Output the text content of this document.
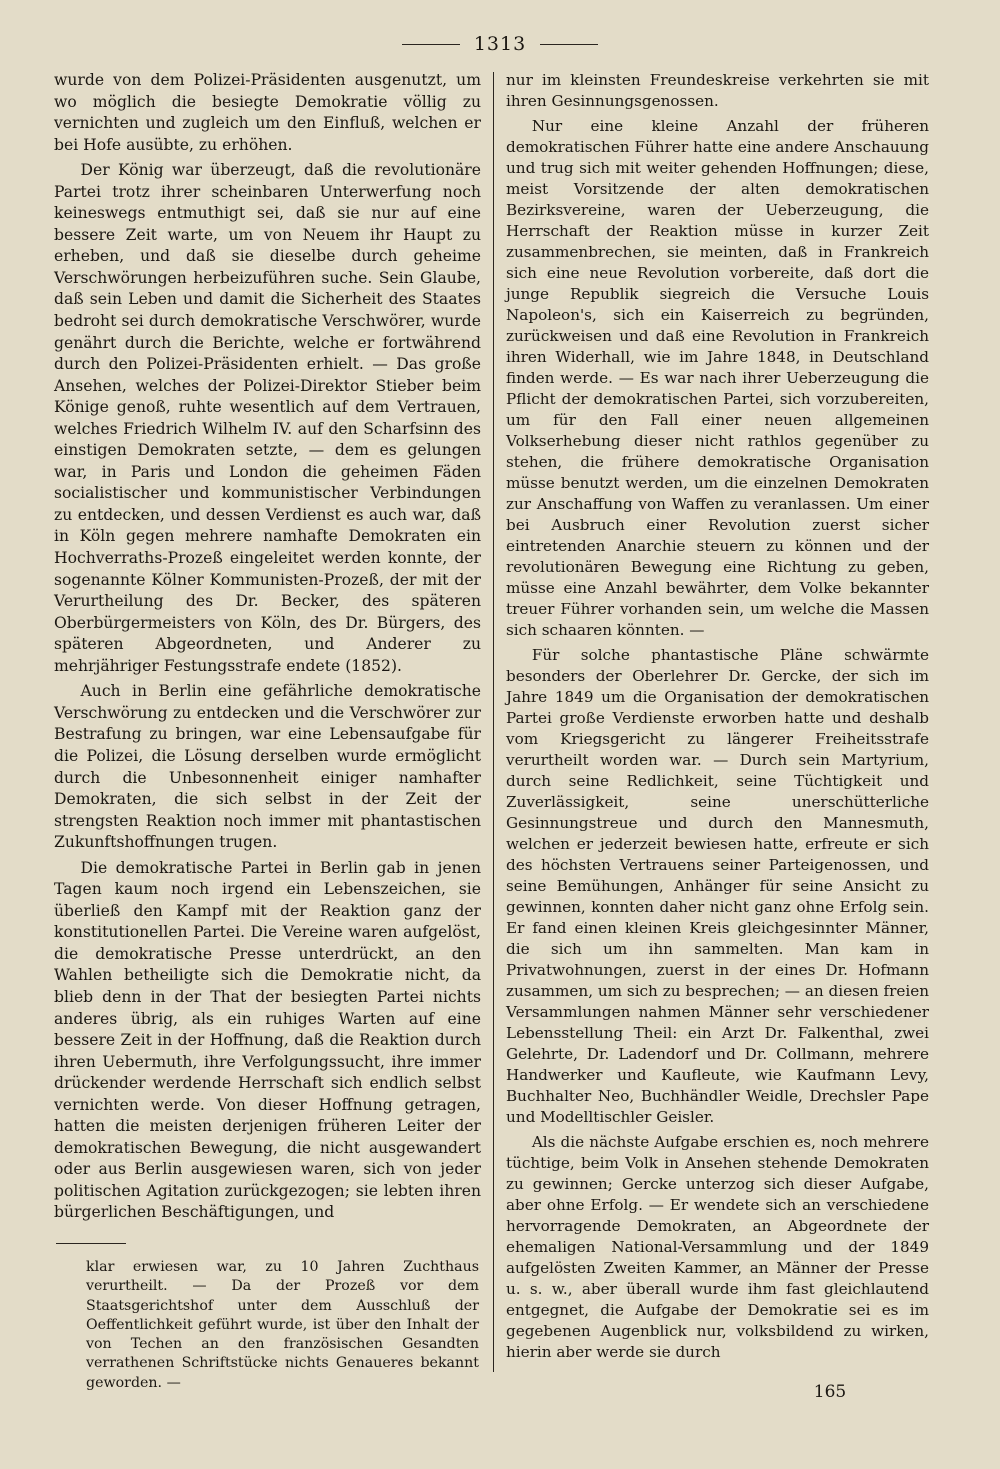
1313

wurde von dem Polizei-Präsidenten ausgenutzt, um wo möglich die besiegte Demokratie völlig zu vernichten und zugleich um den Einfluß, welchen er bei Hofe ausübte, zu erhöhen.

Der König war überzeugt, daß die revolutionäre Partei trotz ihrer scheinbaren Unterwerfung noch keineswegs entmuthigt sei, daß sie nur auf eine bessere Zeit warte, um von Neuem ihr Haupt zu erheben, und daß sie dieselbe durch geheime Verschwörungen herbeizuführen suche. Sein Glaube, daß sein Leben und damit die Sicherheit des Staates bedroht sei durch demokratische Verschwörer, wurde genährt durch die Berichte, welche er fortwährend durch den Polizei-Präsidenten erhielt. — Das große Ansehen, welches der Polizei-Direktor Stieber beim Könige genoß, ruhte wesentlich auf dem Vertrauen, welches Friedrich Wilhelm IV. auf den Scharfsinn des einstigen Demokraten setzte, — dem es gelungen war, in Paris und London die geheimen Fäden socialistischer und kommunistischer Verbindungen zu entdecken, und dessen Verdienst es auch war, daß in Köln gegen mehrere namhafte Demokraten ein Hochverraths-Prozeß eingeleitet werden konnte, der sogenannte Kölner Kommunisten-Prozeß, der mit der Verurtheilung des Dr. Becker, des späteren Oberbürgermeisters von Köln, des Dr. Bürgers, des späteren Abgeordneten, und Anderer zu mehrjähriger Festungsstrafe endete (1852).

Auch in Berlin eine gefährliche demokratische Verschwörung zu entdecken und die Verschwörer zur Bestrafung zu bringen, war eine Lebensaufgabe für die Polizei, die Lösung derselben wurde ermöglicht durch die Unbesonnenheit einiger namhafter Demokraten, die sich selbst in der Zeit der strengsten Reaktion noch immer mit phantastischen Zukunftshoffnungen trugen.

Die demokratische Partei in Berlin gab in jenen Tagen kaum noch irgend ein Lebenszeichen, sie überließ den Kampf mit der Reaktion ganz der konstitutionellen Partei. Die Vereine waren aufgelöst, die demokratische Presse unterdrückt, an den Wahlen betheiligte sich die Demokratie nicht, da blieb denn in der That der besiegten Partei nichts anderes übrig, als ein ruhiges Warten auf eine bessere Zeit in der Hoffnung, daß die Reaktion durch ihren Uebermuth, ihre Verfolgungssucht, ihre immer drückender werdende Herrschaft sich endlich selbst vernichten werde. Von dieser Hoffnung getragen, hatten die meisten derjenigen früheren Leiter der demokratischen Bewegung, die nicht ausgewandert oder aus Berlin ausgewiesen waren, sich von jeder politischen Agitation zurückgezogen; sie lebten ihren bürgerlichen Beschäftigungen, und

nur im kleinsten Freundeskreise verkehrten sie mit ihren Gesinnungsgenossen.

Nur eine kleine Anzahl der früheren demokratischen Führer hatte eine andere Anschauung und trug sich mit weiter gehenden Hoffnungen; diese, meist Vorsitzende der alten demokratischen Bezirksvereine, waren der Ueberzeugung, die Herrschaft der Reaktion müsse in kurzer Zeit zusammenbrechen, sie meinten, daß in Frankreich sich eine neue Revolution vorbereite, daß dort die junge Republik siegreich die Versuche Louis Napoleon's, sich ein Kaiserreich zu begründen, zurückweisen und daß eine Revolution in Frankreich ihren Widerhall, wie im Jahre 1848, in Deutschland finden werde. — Es war nach ihrer Ueberzeugung die Pflicht der demokratischen Partei, sich vorzubereiten, um für den Fall einer neuen allgemeinen Volkserhebung dieser nicht rathlos gegenüber zu stehen, die frühere demokratische Organisation müsse benutzt werden, um die einzelnen Demokraten zur Anschaffung von Waffen zu veranlassen. Um einer bei Ausbruch einer Revolution zuerst sicher eintretenden Anarchie steuern zu können und der revolutionären Bewegung eine Richtung zu geben, müsse eine Anzahl bewährter, dem Volke bekannter treuer Führer vorhanden sein, um welche die Massen sich schaaren könnten. —

Für solche phantastische Pläne schwärmte besonders der Oberlehrer Dr. Gercke, der sich im Jahre 1849 um die Organisation der demokratischen Partei große Verdienste erworben hatte und deshalb vom Kriegsgericht zu längerer Freiheitsstrafe verurtheilt worden war. — Durch sein Martyrium, durch seine Redlichkeit, seine Tüchtigkeit und Zuverlässigkeit, seine unerschütterliche Gesinnungstreue und durch den Mannesmuth, welchen er jederzeit bewiesen hatte, erfreute er sich des höchsten Vertrauens seiner Parteigenossen, und seine Bemühungen, Anhänger für seine Ansicht zu gewinnen, konnten daher nicht ganz ohne Erfolg sein. Er fand einen kleinen Kreis gleichgesinnter Männer, die sich um ihn sammelten. Man kam in Privatwohnungen, zuerst in der eines Dr. Hofmann zusammen, um sich zu besprechen; — an diesen freien Versammlungen nahmen Männer sehr verschiedener Lebensstellung Theil: ein Arzt Dr. Falkenthal, zwei Gelehrte, Dr. Ladendorf und Dr. Collmann, mehrere Handwerker und Kaufleute, wie Kaufmann Levy, Buchhalter Neo, Buchhändler Weidle, Drechsler Pape und Modelltischler Geisler.

Als die nächste Aufgabe erschien es, noch mehrere tüchtige, beim Volk in Ansehen stehende Demokraten zu gewinnen; Gercke unterzog sich dieser Aufgabe, aber ohne Erfolg. — Er wendete sich an verschiedene hervorragende Demokraten, an Abgeordnete der ehemaligen National-Versammlung und der 1849 aufgelösten Zweiten Kammer, an Männer der Presse u. s. w., aber überall wurde ihm fast gleichlautend entgegnet, die Aufgabe der Demokratie sei es im gegebenen Augenblick nur, volksbildend zu wirken, hierin aber werde sie durch

klar erwiesen war, zu 10 Jahren Zuchthaus verurtheilt. — Da der Prozeß vor dem Staatsgerichtshof unter dem Ausschluß der Oeffentlichkeit geführt wurde, ist über den Inhalt der von Techen an den französischen Gesandten verrathenen Schriftstücke nichts Genaueres bekannt geworden. —	165
